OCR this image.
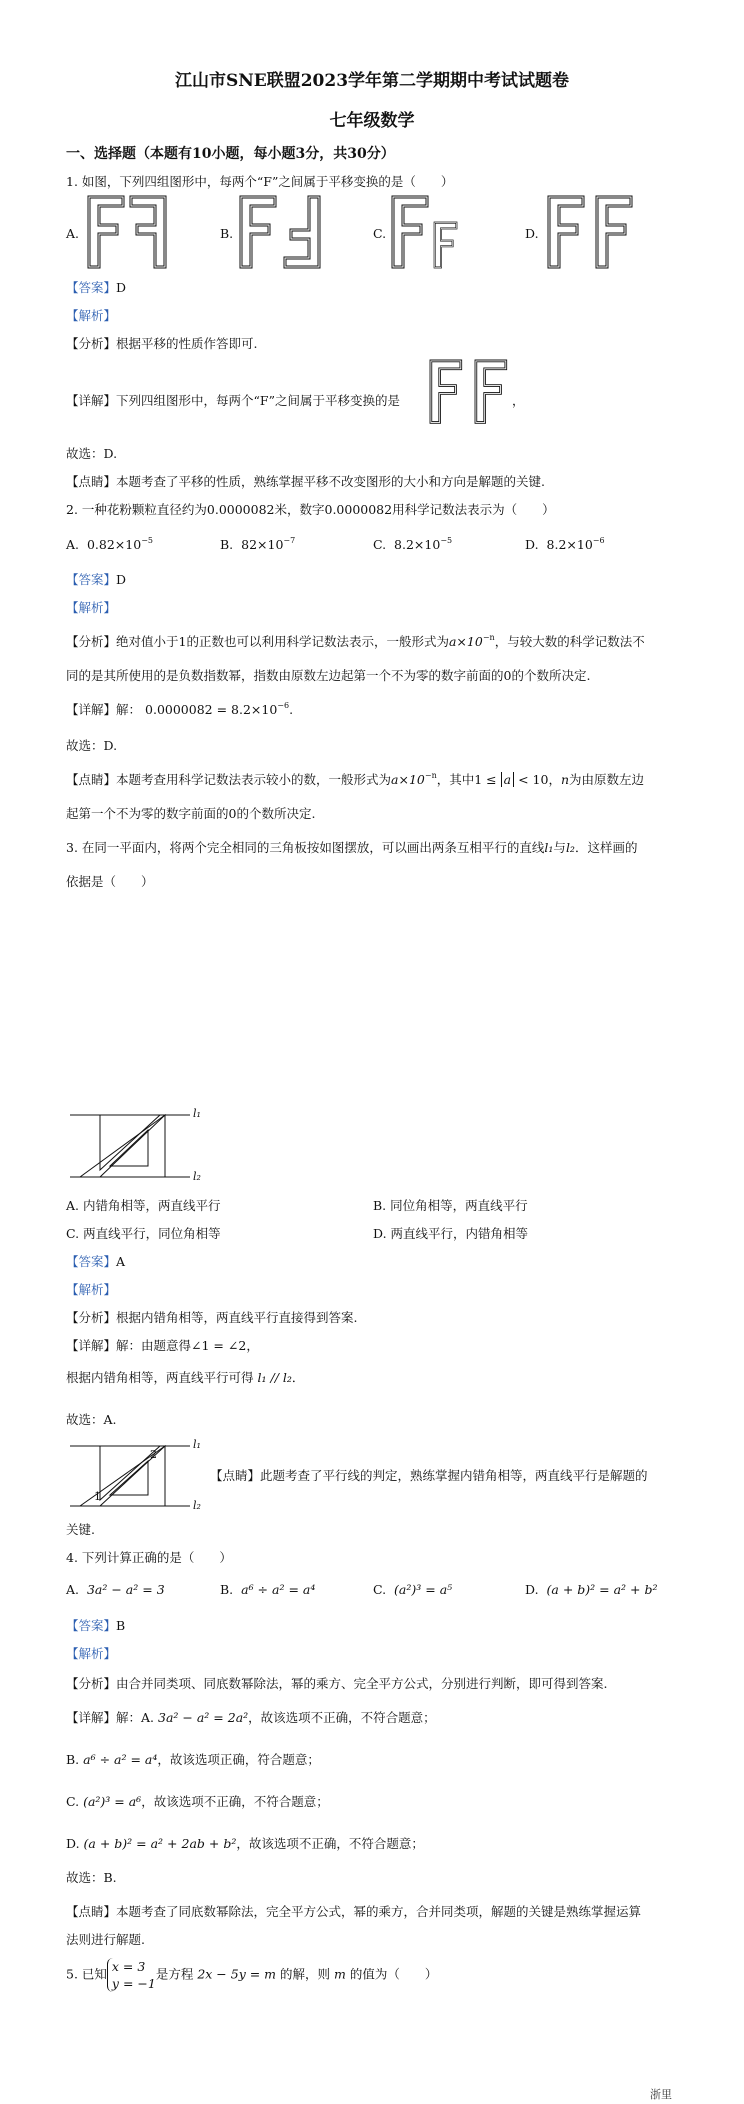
江山市SNE联盟2023学年第二学期期中考试试题卷
七年级数学
一、选择题（本题有10小题，每小题3分，共30分）
1. 如图，下列四组图形中，每两个“F”之间属于平移变换的是（　　）
A.	B.	C.	D.
【答案】D
【解析】
【分析】根据平移的性质作答即可.
【详解】下列四组图形中，每两个“F”之间属于平移变换的是	，
故选：D.
【点睛】本题考查了平移的性质，熟练掌握平移不改变图形的大小和方向是解题的关键.
2. 一种花粉颗粒直径约为0.0000082米，数字0.0000082用科学记数法表示为（　　）
A. $0.82\times 10^{-5}$	B. $82\times 10^{-7}$	C. $8.2\times 10^{-5}$	D. $8.2\times 10^{-6}$
【答案】D
【解析】
【分析】绝对值小于1的正数也可以利用科学记数法表示，一般形式为$a\times 10^{-n}$，与较大数的科学记数法不
同的是其所使用的是负数指数幂，指数由原数左边起第一个不为零的数字前面的0的个数所决定.
【详解】解： $0.0000082 = 8.2\times 10^{-6}$.
故选：D.
【点睛】本题考查用科学记数法表示较小的数，一般形式为$a\times 10^{-n}$，其中1 ≤ a < 10，n为由原数左边
起第一个不为零的数字前面的0的个数所决定.
3. 在同一平面内，将两个完全相同的三角板按如图摆放，可以画出两条互相平行的直线l₁与l₂．这样画的
依据是（　　）
l₁
l₂
A. 内错角相等，两直线平行	B. 同位角相等，两直线平行
C. 两直线平行，同位角相等	D. 两直线平行，内错角相等
【答案】A
【解析】
【分析】根据内错角相等，两直线平行直接得到答案.
【详解】解：由题意得∠1 = ∠2，
根据内错角相等，两直线平行可得 l₁ // l₂．
故选：A.
l₁
l₂
2
1
【点睛】此题考查了平行线的判定，熟练掌握内错角相等，两直线平行是解题的
关键.
4. 下列计算正确的是（　　）
A. 3a² − a² = 3	B. a⁶ ÷ a² = a⁴	C. (a²)³ = a⁵	D. (a + b)² = a² + b²
【答案】B
【解析】
【分析】由合并同类项、同底数幂除法，幂的乘方、完全平方公式，分别进行判断，即可得到答案.
【详解】解：A. 3a² − a² = 2a²，故该选项不正确，不符合题意；
B. a⁶ ÷ a² = a⁴，故该选项正确，符合题意；
C. (a²)³ = a⁶，故该选项不正确，不符合题意；
D. (a + b)² = a² + 2ab + b²，故该选项不正确，不符合题意；
故选：B.
【点睛】本题考查了同底数幂除法，完全平方公式，幂的乘方，合并同类项，解题的关键是熟练掌握运算
法则进行解题.
5. 已知 x = 3
y = −1是方程 2x − 5y = m 的解，则 m 的值为（　　）
浙里
